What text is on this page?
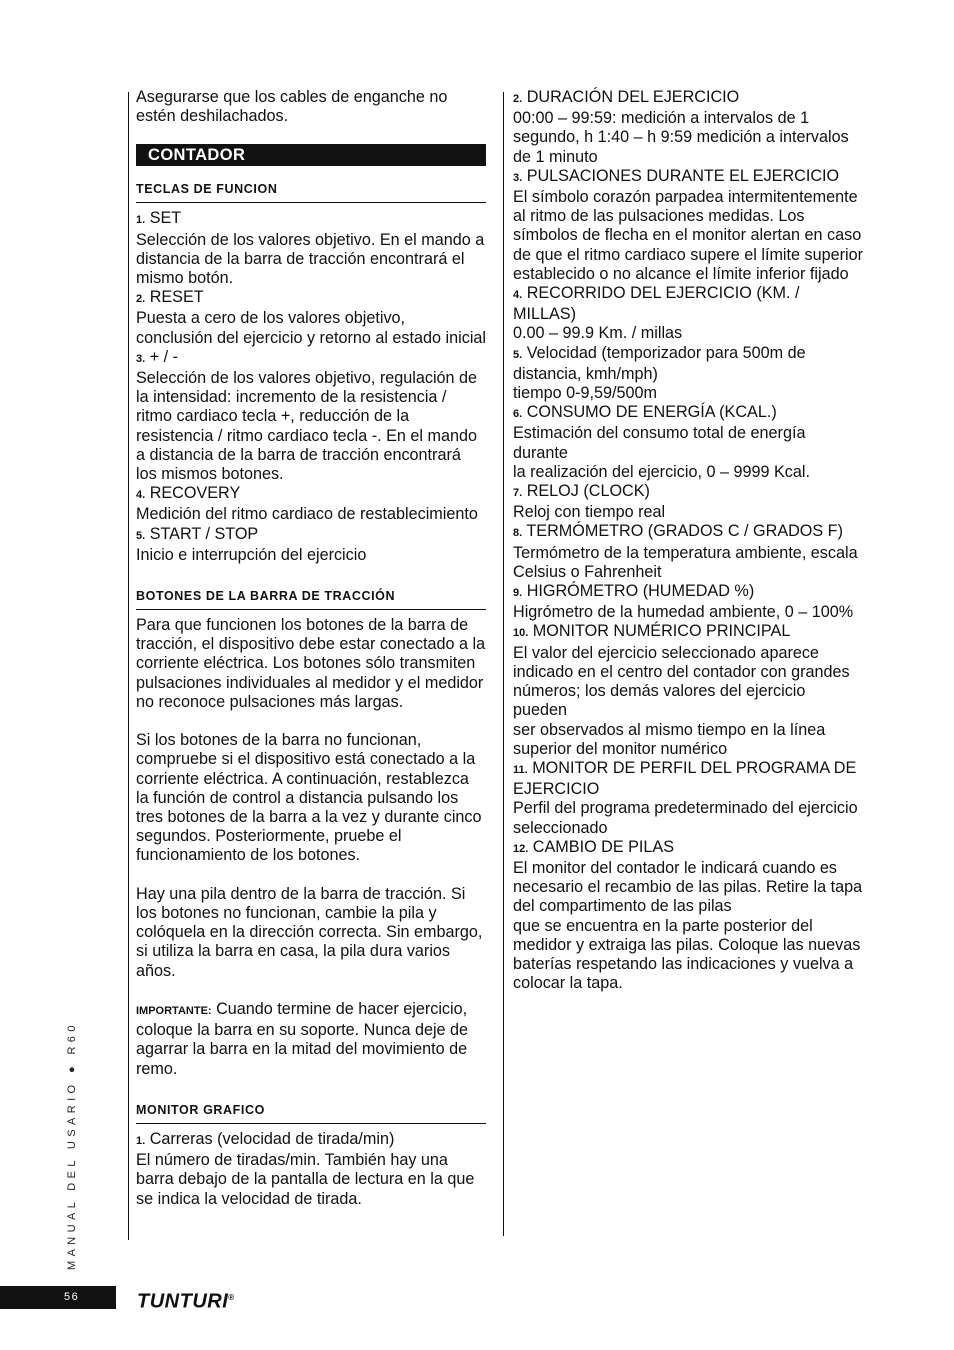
Asegurarse que los cables de enganche no estén deshilachados.

CONTADOR
TECLAS DE FUNCION

1. SET

Selección de los valores objetivo. En el mando a distancia de la barra de tracción encontrará el mismo botón.

2. RESET

Puesta a cero de los valores objetivo, conclusión del ejercicio y retorno al estado inicial

3. + / -

Selección de los valores objetivo, regulación de la intensidad: incremento de la resistencia / ritmo cardiaco tecla +, reducción de la resistencia / ritmo cardiaco tecla -. En el mando a distancia de la barra de tracción encontrará los mismos botones.

4. RECOVERY

Medición del ritmo cardiaco de restablecimiento

5. START / STOP

Inicio e interrupción del ejercicio

BOTONES DE LA BARRA DE TRACCIÓN

Para que funcionen los botones de la barra de tracción, el dispositivo debe estar conectado a la corriente eléctrica. Los botones sólo transmiten pulsaciones individuales al medidor y el medidor no reconoce pulsaciones más largas.

Si los botones de la barra no funcionan, compruebe si el dispositivo está conectado a la corriente eléctrica. A continuación, restablezca la función de control a distancia pulsando los tres botones de la barra a la vez y durante cinco segundos. Posteriormente, pruebe el funcionamiento de los botones.

Hay una pila dentro de la barra de tracción. Si los botones no funcionan, cambie la pila y colóquela en la dirección correcta. Sin embargo, si utiliza la barra en casa, la pila dura varios años.

IMPORTANTE: Cuando termine de hacer ejercicio, coloque la barra en su soporte. Nunca deje de agarrar la barra en la mitad del movimiento de remo.

MONITOR GRAFICO

1. Carreras (velocidad de tirada/min)

El número de tiradas/min. También hay una barra debajo de la pantalla de lectura en la que se indica la velocidad de tirada.

2. DURACIÓN DEL EJERCICIO

00:00 – 99:59: medición a intervalos de 1 segundo, h 1:40 – h 9:59 medición a intervalos

de 1 minuto

3. PULSACIONES DURANTE EL EJERCICIO

El símbolo corazón parpadea intermitentemente

al ritmo de las pulsaciones medidas. Los símbolos de flecha en el monitor alertan en caso

de que el ritmo cardiaco supere el límite superior

establecido o no alcance el límite inferior fijado

4. RECORRIDO DEL EJERCICIO (KM. / MILLAS)

0.00 – 99.9 Km. / millas

5. Velocidad (temporizador para 500m de distancia, kmh/mph)

tiempo 0-9,59/500m

6. CONSUMO DE ENERGÍA (KCAL.)

Estimación del consumo total de energía durante

la realización del ejercicio, 0 – 9999 Kcal.

7. RELOJ (CLOCK)

Reloj con tiempo real

8. TERMÓMETRO (GRADOS C / GRADOS F)

Termómetro de la temperatura ambiente, escala

Celsius o Fahrenheit

9. HIGRÓMETRO (HUMEDAD %)

Higrómetro de la humedad ambiente, 0 – 100%

10. MONITOR NUMÉRICO PRINCIPAL

El valor del ejercicio seleccionado aparece indicado en el centro del contador con grandes

números; los demás valores del ejercicio pueden

ser observados al mismo tiempo en la línea superior del monitor numérico

11. MONITOR DE PERFIL DEL PROGRAMA DE EJERCICIO

Perfil del programa predeterminado del ejercicio

seleccionado

12. CAMBIO DE PILAS

El monitor del contador le indicará cuando es necesario el recambio de las pilas. Retire la tapa del compartimento de las pilas

que se encuentra en la parte posterior del medidor y extraiga las pilas. Coloque las nuevas baterías respetando las indicaciones y vuelva a colocar la tapa.

MANUAL DEL USARIO ● R60
56	TUNTURI®
